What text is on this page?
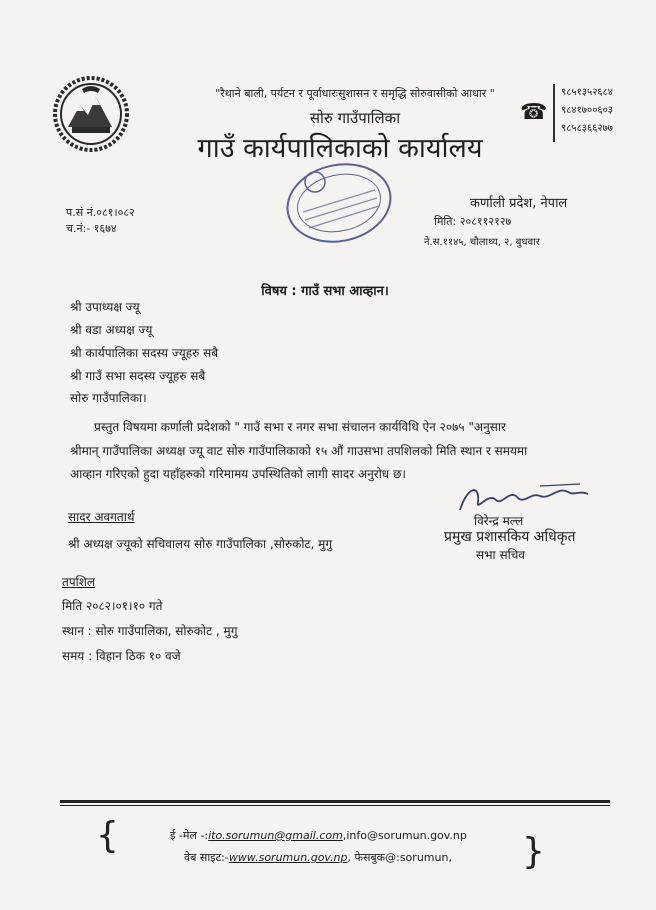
"रैथाने बाली, पर्यटन र पूर्वाधारःसुशासन र समृद्धि सोरुवासीको आधार "
सोरु गाउँपालिका
गाउँ कार्यपालिकाको कार्यालय
☎
९८५१३५२६८४
९८४१७००६०३
९८५८३६६२७७
प.सं नं.०८१।०८२
च.नं:- १६७४
कर्णाली प्रदेश, नेपाल
मिति: २०८११२१२७
ने.स.११४५, चौलाथ्य, २, बुधवार
विषय : गाउँ सभा आव्हान।
श्री उपाध्यक्ष ज्यू
श्री वडा अध्यक्ष ज्यू
श्री कार्यपालिका सदस्य ज्यूहरु सबै
श्री गाउँ सभा सदस्य ज्यूहरु सबै
सोरु गाउँपालिका।
प्रस्तुत विषयमा कर्णाली प्रदेशको " गाउँ सभा र नगर सभा संचालन कार्यविधि ऐन २०७५ "अनुसार
श्रीमान् गाउँपालिका अध्यक्ष ज्यू वाट सोरु गाउँपालिकाको १५ औं गाउसभा तपशिलको मिति स्थान र समयमा
आव्हान गरिएको हुदा यहाँहरुको गरिमामय उपस्थितिको लागी सादर अनुरोध छ।
विरेन्द्र मल्ल
प्रमुख प्रशासकिय अधिकृत
सभा सचिव
सादर अवगतार्थ
श्री अध्यक्ष ज्यूको सचिवालय सोरु गाउँपालिका ,सोरुकोट, मुगु
तपशिल
मिति २०८२।०१।१० गते
स्थान : सोरु गाउँपालिका, सोरुकोट , मुगु
समय : विहान ठिक १० वजे
{	}
ई -मेल -:ito.sorumun@gmail.com,info@sorumun.gov.np
वेब साइट:-www.sorumun.gov.np, फेसबुक@:sorumun,
